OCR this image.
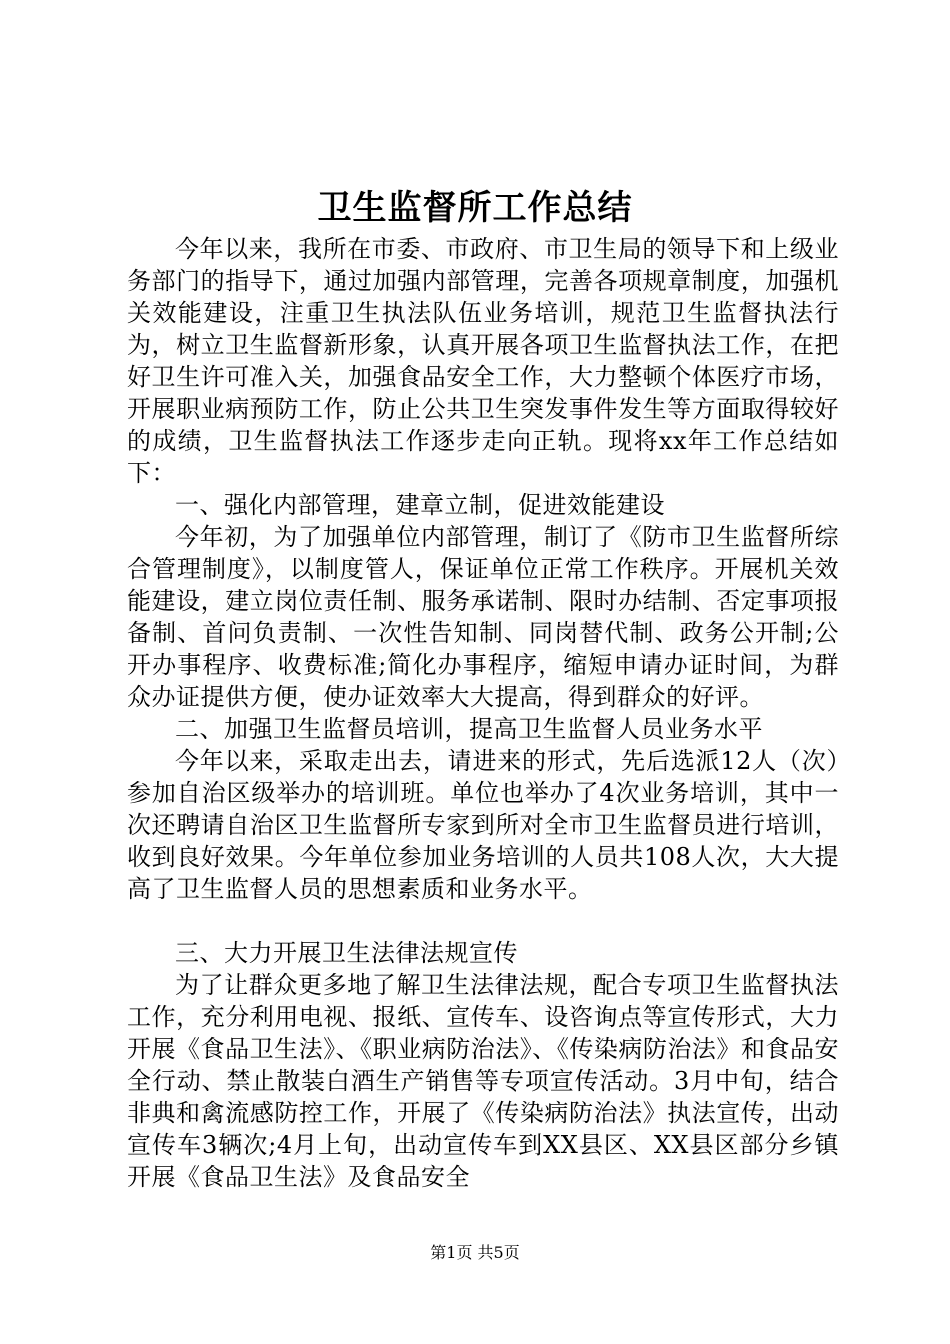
卫生监督所工作总结

今年以来，我所在市委、市政府、市卫生局的领导下和上级业务部门的指导下，通过加强内部管理，完善各项规章制度，加强机关效能建设，注重卫生执法队伍业务培训，规范卫生监督执法行为，树立卫生监督新形象，认真开展各项卫生监督执法工作，在把好卫生许可准入关，加强食品安全工作，大力整顿个体医疗市场，开展职业病预防工作，防止公共卫生突发事件发生等方面取得较好的成绩，卫生监督执法工作逐步走向正轨。现将xx年工作总结如下：

一、强化内部管理，建章立制，促进效能建设

今年初，为了加强单位内部管理，制订了《防市卫生监督所综合管理制度》，以制度管人，保证单位正常工作秩序。开展机关效能建设，建立岗位责任制、服务承诺制、限时办结制、否定事项报备制、首问负责制、一次性告知制、同岗替代制、政务公开制;公开办事程序、收费标准;简化办事程序，缩短申请办证时间，为群众办证提供方便，使办证效率大大提高，得到群众的好评。

二、加强卫生监督员培训，提高卫生监督人员业务水平

今年以来，采取走出去，请进来的形式，先后选派12人（次）参加自治区级举办的培训班。单位也举办了4次业务培训，其中一次还聘请自治区卫生监督所专家到所对全市卫生监督员进行培训，收到良好效果。今年单位参加业务培训的人员共108人次，大大提高了卫生监督人员的思想素质和业务水平。

三、大力开展卫生法律法规宣传

为了让群众更多地了解卫生法律法规，配合专项卫生监督执法工作，充分利用电视、报纸、宣传车、设咨询点等宣传形式，大力开展《食品卫生法》、《职业病防治法》、《传染病防治法》和食品安全行动、禁止散装白酒生产销售等专项宣传活动。3月中旬，结合非典和禽流感防控工作，开展了《传染病防治法》执法宣传，出动宣传车3辆次;4月上旬，出动宣传车到XX县区、XX县区部分乡镇开展《食品卫生法》及食品安全

第1页 共5页
